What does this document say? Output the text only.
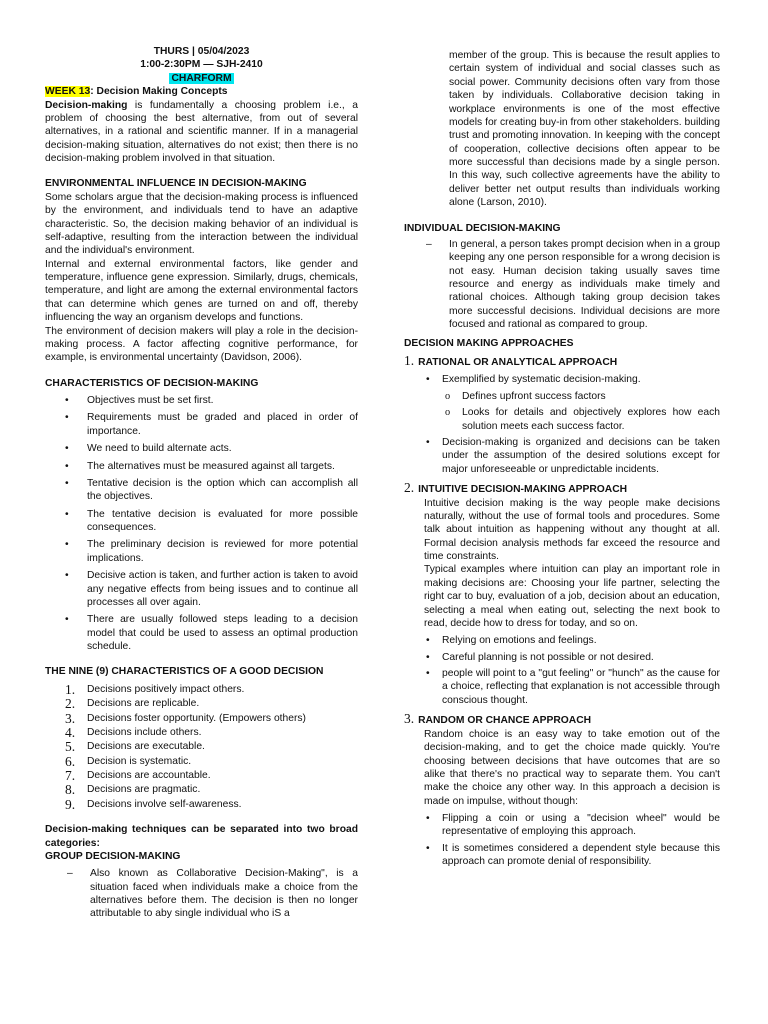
THURS | 05/04/2023
1:00-2:30PM — SJH-2410
CHARFORM
WEEK 13: Decision Making Concepts

Decision-making is fundamentally a choosing problem i.e., a problem of choosing the best alternative, from out of several alternatives, in a rational and scientific manner. If in a managerial decision-making situation, alternatives do not exist; then there is no decision-making problem involved in that situation.

ENVIRONMENTAL INFLUENCE IN DECISION-MAKING

Some scholars argue that the decision-making process is influenced by the environment, and individuals tend to have an adaptive characteristic. So, the decision making behavior of an individual is self-adaptive, resulting from the interaction between the individual and the individual's environment.

Internal and external environmental factors, like gender and temperature, influence gene expression. Similarly, drugs, chemicals, temperature, and light are among the external environmental factors that can determine which genes are turned on and off, thereby influencing the way an organism develops and functions.

The environment of decision makers will play a role in the decision-making process. A factor affecting cognitive performance, for example, is environmental uncertainty (Davidson, 2006).

CHARACTERISTICS OF DECISION-MAKING
• Objectives must be set first.
• Requirements must be graded and placed in order of importance.
• We need to build alternate acts.
• The alternatives must be measured against all targets.
• Tentative decision is the option which can accomplish all the objectives.
• The tentative decision is evaluated for more possible consequences.
• The preliminary decision is reviewed for more potential implications.
• Decisive action is taken, and further action is taken to avoid any negative effects from being issues and to continue all processes all over again.
• There are usually followed steps leading to a decision model that could be used to assess an optimal production schedule.
THE NINE (9) CHARACTERISTICS OF A GOOD DECISION
1. Decisions positively impact others.
2. Decisions are replicable.
3. Decisions foster opportunity. (Empowers others)
4. Decisions include others.
5. Decisions are executable.
6. Decision is systematic.
7. Decisions are accountable.
8. Decisions are pragmatic.
9. Decisions involve self-awareness.

Decision-making techniques can be separated into two broad categories:

GROUP DECISION-MAKING
– Also known as Collaborative Decision-Making", is a situation faced when individuals make a choice from the alternatives before them. The decision is then no longer attributable to aby single individual who iS a
member of the group. This is because the result applies to certain system of individual and social classes such as social power. Community decisions often vary from those taken by individuals. Collaborative decision taking in workplace environments is one of the most effective models for creating buy-in from other stakeholders. building trust and promoting innovation. In keeping with the concept of cooperation, collective decisions often appear to be more successful than decisions made by a single person. In this way, such collective agreements have the ability to deliver better net output results than individuals working alone (Larson, 2010).
INDIVIDUAL DECISION-MAKING
– In general, a person takes prompt decision when in a group keeping any one person responsible for a wrong decision is not easy. Human decision taking usually saves time resource and energy as individuals make timely and rational choices. Although taking group decision takes more successful decisions. Individual decisions are more focused and rational as compared to group.
DECISION MAKING APPROACHES
1. RATIONAL OR ANALYTICAL APPROACH
• Exemplified by systematic decision-making.
ο Defines upfront success factors
ο Looks for details and objectively explores how each solution meets each success factor.
• Decision-making is organized and decisions can be taken under the assumption of the desired solutions except for major unforeseeable or unpredictable incidents.
2. INTUITIVE DECISION-MAKING APPROACH

Intuitive decision making is the way people make decisions naturally, without the use of formal tools and procedures. Some talk about intuition as happening without any thought at all. Formal decision analysis methods far exceed the resource and time constraints.

Typical examples where intuition can play an important role in making decisions are: Choosing your life partner, selecting the right car to buy, evaluation of a job, decision about an education, selecting a meal when eating out, selecting the next book to read, decide how to dress for today, and so on.

• Relying on emotions and feelings.
• Careful planning is not possible or not desired.
• people will point to a "gut feeling" or "hunch" as the cause for a choice, reflecting that explanation is not accessible through conscious thought.
3. RANDOM OR CHANCE APPROACH

Random choice is an easy way to take emotion out of the decision-making, and to get the choice made quickly. You're choosing between decisions that have outcomes that are so alike that there's no practical way to separate them. You can't make the choice any other way. In this approach a decision is made on impulse, without though:

• Flipping a coin or using a "decision wheel" would be representative of employing this approach.
• It is sometimes considered a dependent style because this approach can promote denial of responsibility.
